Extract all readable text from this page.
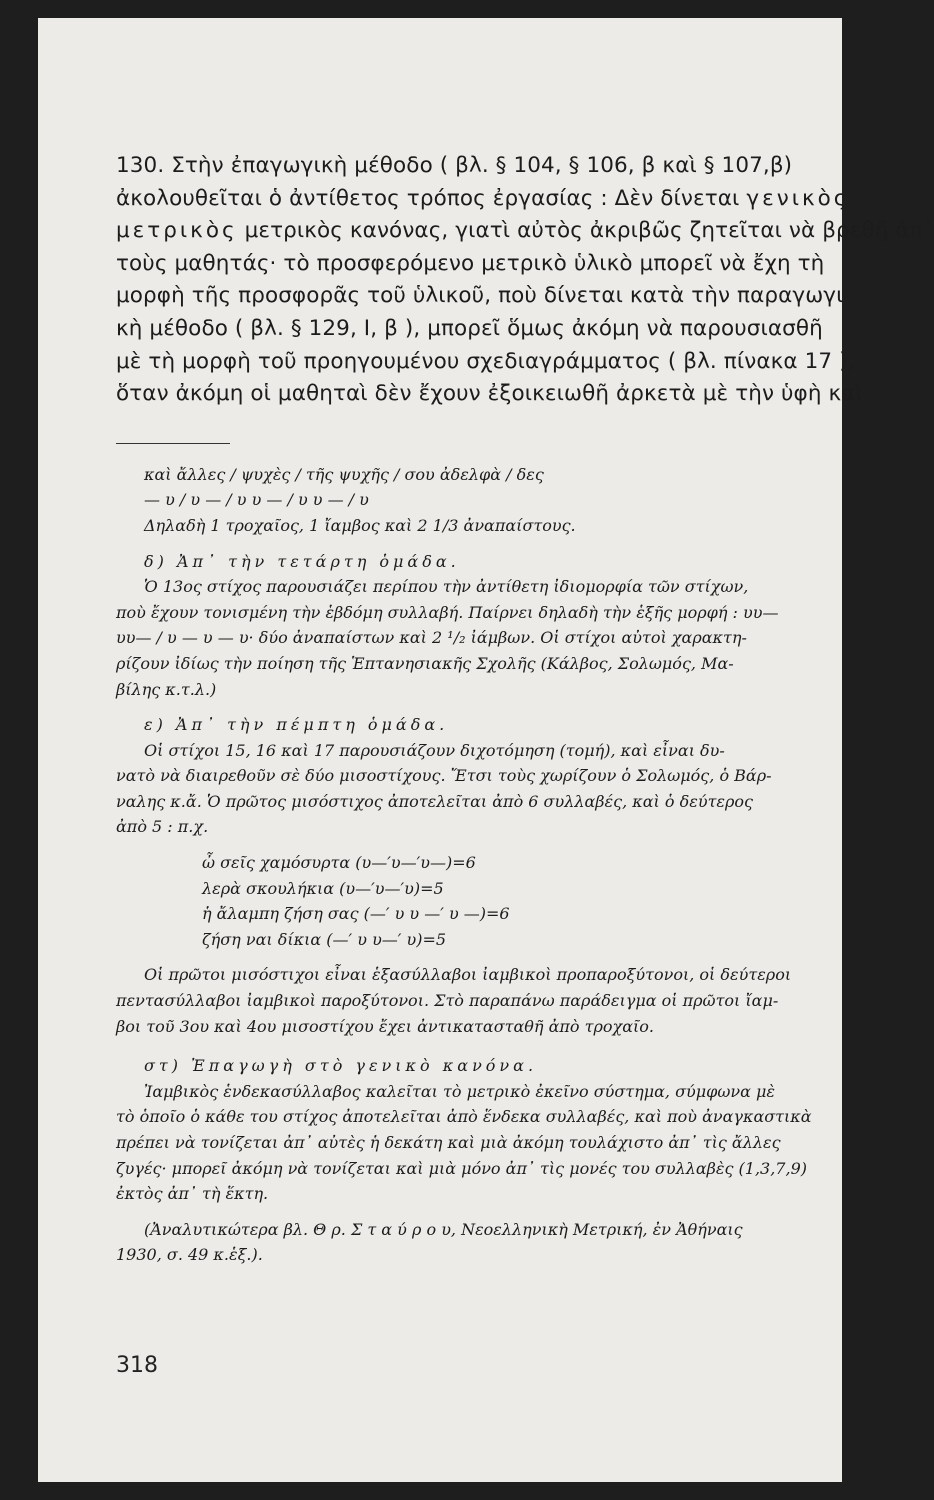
130. Στὴν ἐπαγωγικὴ μέθοδο ( βλ. § 104, § 106, β καὶ § 107,β)
ἀκολουθεῖται ὁ ἀντίθετος τρόπος ἐργασίας : Δὲν δίνεται γενικὸς
μετρικὸς μετρικὸς κανόνας, γιατὶ αὐτὸς ἀκριβῶς ζητεῖται νὰ βρεθῆ ἀπ᾿
τοὺς μαθητάς· τὸ προσφερόμενο μετρικὸ ὑλικὸ μπορεῖ νὰ ἔχη τὴ
μορφὴ τῆς προσφορᾶς τοῦ ὑλικοῦ, ποὺ δίνεται κατὰ τὴν παραγωγι-
κὴ μέθοδο ( βλ. § 129, Ι, β ), μπορεῖ ὅμως ἀκόμη νὰ παρουσιασθῆ
μὲ τὴ μορφὴ τοῦ προηγουμένου σχεδιαγράμματος ( βλ. πίνακα 17 ),
ὅταν ἀκόμη οἱ μαθηταὶ δὲν ἔχουν ἐξοικειωθῆ ἀρκετὰ μὲ τὴν ὑφὴ καὶ
καὶ ἄλλες / ψυχὲς / τῆς ψυχῆς / σου ἀδελφὰ / δες
— υ / υ — / υ υ — / υ υ — / υ
Δηλαδὴ 1 τροχαῖος, 1 ἴαμβος καὶ 2 1/3 ἀναπαίστους.
δ) Ἀπ᾿ τὴν τετάρτη ὁμάδα.
Ὁ 13ος στίχος παρουσιάζει περίπου τὴν ἀντίθετη ἰδιομορφία τῶν στίχων,
ποὺ ἔχουν τονισμένη τὴν ἑβδόμη συλλαβή. Παίρνει δηλαδὴ τὴν ἑξῆς μορφή : υυ—
υυ— / υ — υ — υ· δύο ἀναπαίστων καὶ 2 ¹/₂ ἰάμβων. Οἱ στίχοι αὐτοὶ χαρακτη-
ρίζουν ἰδίως τὴν ποίηση τῆς Ἑπτανησιακῆς Σχολῆς (Κάλβος, Σολωμός, Μα-
βίλης κ.τ.λ.)
ε) Ἀπ᾿ τὴν πέμπτη ὁμάδα.
Οἱ στίχοι 15, 16 καὶ 17 παρουσιάζουν διχοτόμηση (τομή), καὶ εἶναι δυ-
νατὸ νὰ διαιρεθοῦν σὲ δύο μισοστίχους. Ἔτσι τοὺς χωρίζουν ὁ Σολωμός, ὁ Βάρ-
ναλης κ.ἄ. Ὁ πρῶτος μισόστιχος ἀποτελεῖται ἀπὸ 6 συλλαβές, καὶ ὁ δεύτερος
ἀπὸ 5 : π.χ.
ὦ σεῖς χαμόσυρτα (υ—′υ—′υ—)=6
λερὰ σκουλήκια (υ—′υ—′υ)=5
ἡ ἄλαμπη ζήση σας (—′ υ υ —′ υ —)=6
ζήση ναι δίκια (—′ υ υ—′ υ)=5
Οἱ πρῶτοι μισόστιχοι εἶναι ἑξασύλλαβοι ἰαμβικοὶ προπαροξύτονοι, οἱ δεύτεροι
πεντασύλλαβοι ἰαμβικοὶ παροξύτονοι. Στὸ παραπάνω παράδειγμα οἱ πρῶτοι ἴαμ-
βοι τοῦ 3ου καὶ 4ου μισοστίχου ἔχει ἀντικατασταθῆ ἀπὸ τροχαῖο.
στ) Ἐπαγωγὴ στὸ γενικὸ κανόνα.
Ἰαμβικὸς ἑνδεκασύλλαβος καλεῖται τὸ μετρικὸ ἐκεῖνο σύστημα, σύμφωνα μὲ
τὸ ὁποῖο ὁ κάθε του στίχος ἀποτελεῖται ἀπὸ ἕνδεκα συλλαβές, καὶ ποὺ ἀναγκαστικὰ
πρέπει νὰ τονίζεται ἀπ᾿ αὐτὲς ἡ δεκάτη καὶ μιὰ ἀκόμη τουλάχιστο ἀπ᾿ τὶς ἄλλες
ζυγές· μπορεῖ ἀκόμη νὰ τονίζεται καὶ μιὰ μόνο ἀπ᾿ τὶς μονές του συλλαβὲς (1,3,7,9)
ἐκτὸς ἀπ᾿ τὴ ἕκτη.
(Ἀναλυτικώτερα βλ. Θ ρ. Σ τ α ύ ρ ο υ, Νεοελληνικὴ Μετρική, ἐν Ἀθήναις
1930, σ. 49 κ.ἑξ.).
318
